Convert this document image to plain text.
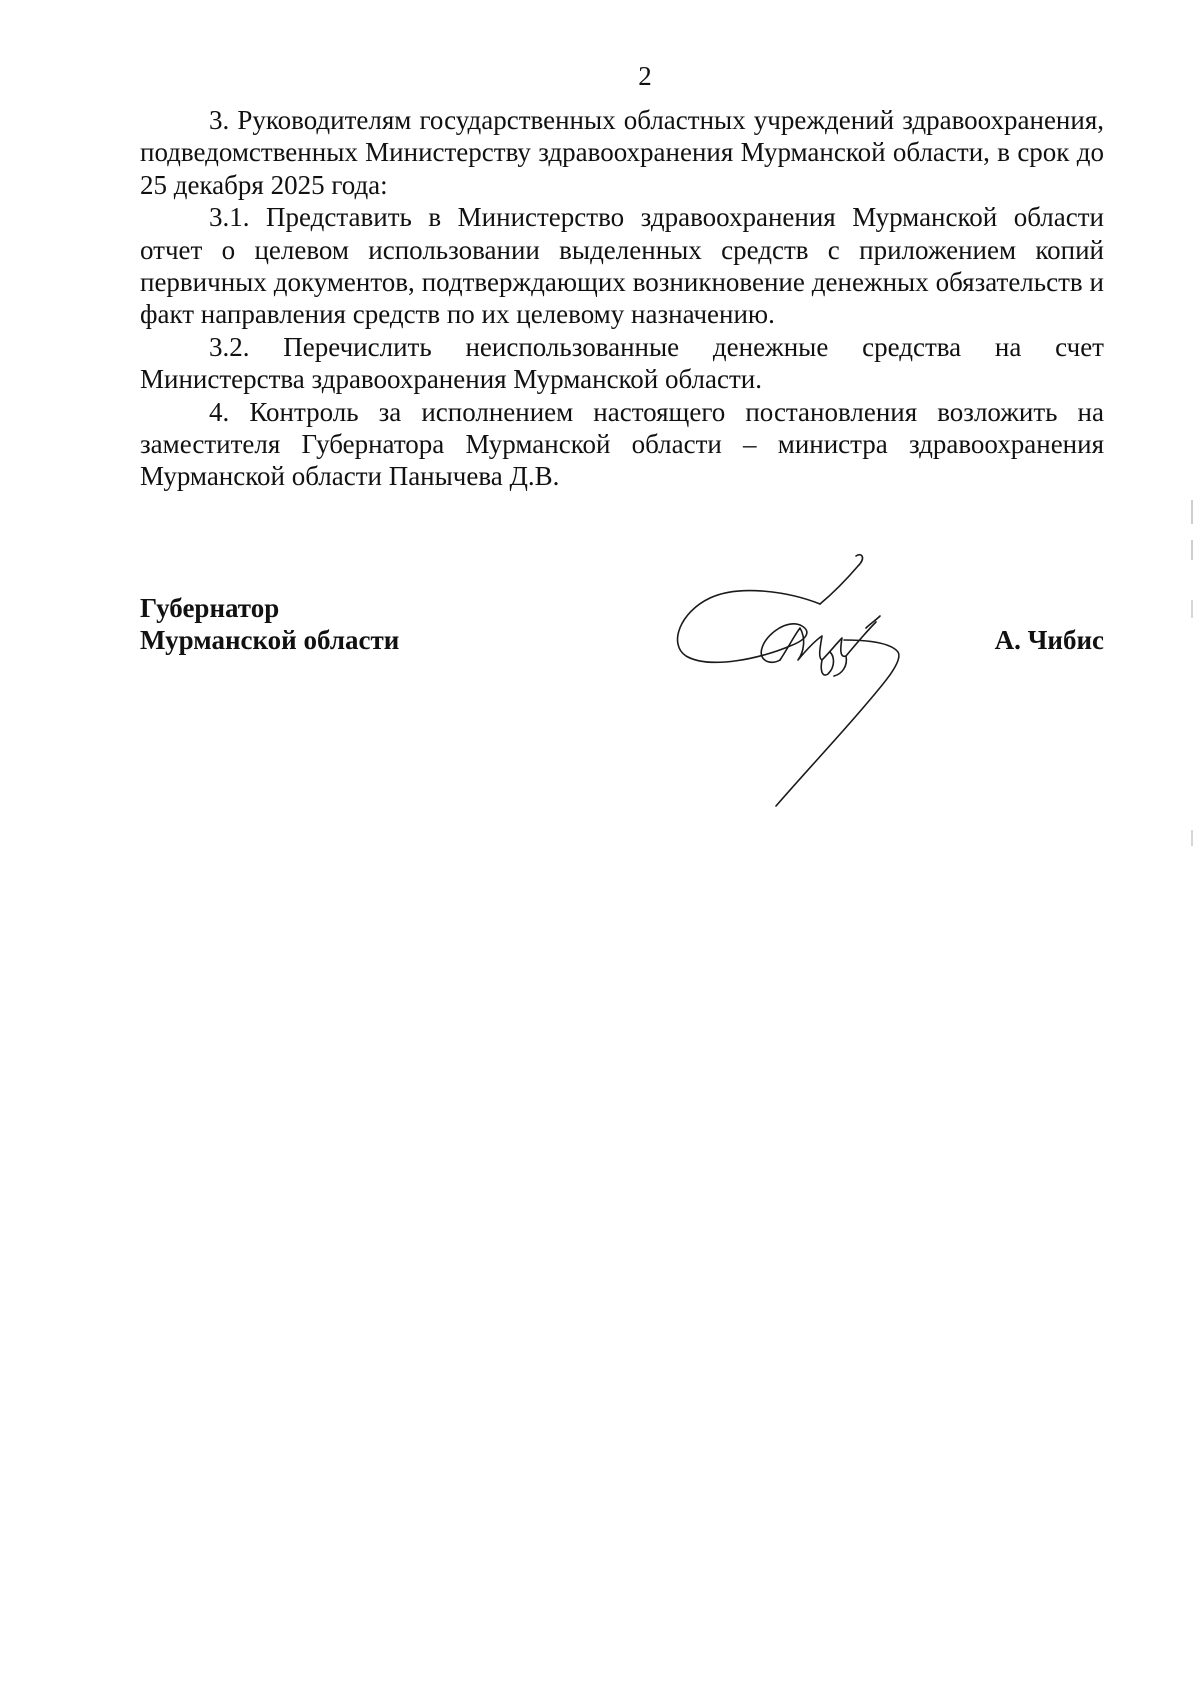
2

3. Руководителям государственных областных учреждений здравоохранения, подведомственных Министерству здравоохранения Мурманской области, в срок до 25 декабря 2025 года:

3.1. Представить в Министерство здравоохранения Мурманской области отчет о целевом использовании выделенных средств с приложением копий первичных документов, подтверждающих возникновение денежных обязательств и факт направления средств по их целевому назначению.

3.2. Перечислить неиспользованные денежные средства на счет Министерства здравоохранения Мурманской области.

4. Контроль за исполнением настоящего постановления возложить на заместителя Губернатора Мурманской области – министра здравоохранения Мурманской области Панычева Д.В.

Губернатор
Мурманской области	А. Чибис
